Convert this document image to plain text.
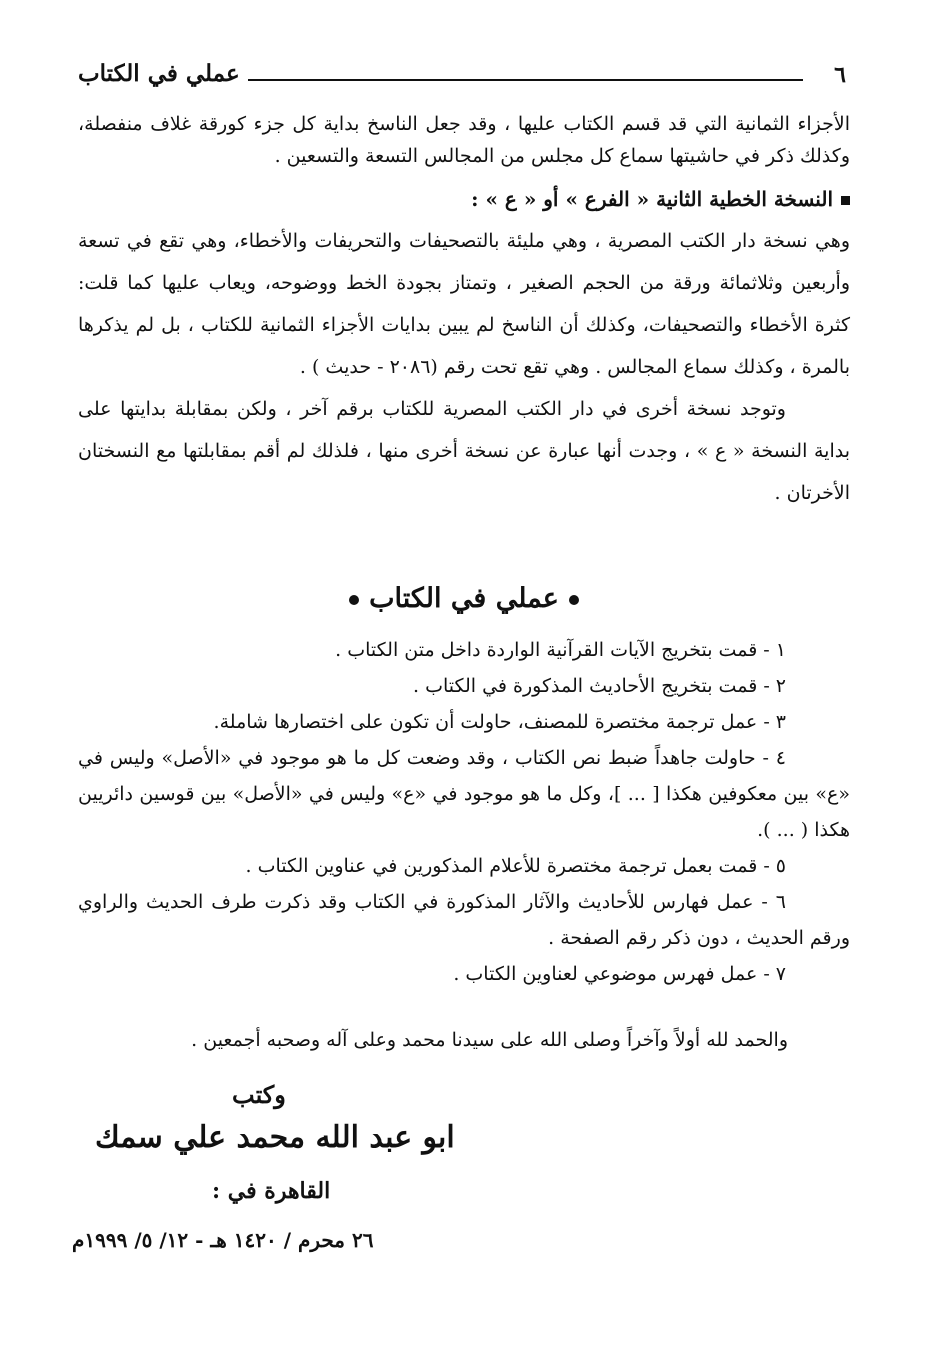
٦
عملي في الكتاب

الأجزاء الثمانية التي قد قسم الكتاب عليها ، وقد جعل الناسخ بداية كل جزء كورقة غلاف منفصلة، وكذلك ذكر في حاشيتها سماع كل مجلس من المجالس التسعة والتسعين .

النسخة الخطية الثانية « الفرع » أو « ع » :

وهي نسخة دار الكتب المصرية ، وهي مليئة بالتصحيفات والتحريفات والأخطاء، وهي تقع في تسعة وأربعين وثلاثمائة ورقة من الحجم الصغير ، وتمتاز بجودة الخط ووضوحه، ويعاب عليها كما قلت: كثرة الأخطاء والتصحيفات، وكذلك أن الناسخ لم يبين بدايات الأجزاء الثمانية للكتاب ، بل لم يذكرها بالمرة ، وكذلك سماع المجالس . وهي تقع تحت رقم (٢٠٨٦ - حديث ) .

وتوجد نسخة أخرى في دار الكتب المصرية للكتاب برقم آخر ، ولكن بمقابلة بدايتها على بداية النسخة « ع » ، وجدت أنها عبارة عن نسخة أخرى منها ، فلذلك لم أقم بمقابلتها مع النسختان الأخرتان .

عملي في الكتاب

١ - قمت بتخريج الآيات القرآنية الواردة داخل متن الكتاب .

٢ - قمت بتخريج الأحاديث المذكورة في الكتاب .

٣ - عمل ترجمة مختصرة للمصنف، حاولت أن تكون على اختصارها شاملة.

٤ - حاولت جاهداً ضبط نص الكتاب ، وقد وضعت كل ما هو موجود في «الأصل» وليس في «ع» بين معكوفين هكذا [ ... ]، وكل ما هو موجود في «ع» وليس في «الأصل» بين قوسين دائريين هكذا ( ... ).

٥ - قمت بعمل ترجمة مختصرة للأعلام المذكورين في عناوين الكتاب .

٦ - عمل فهارس للأحاديث والآثار المذكورة في الكتاب وقد ذكرت طرف الحديث والراوي ورقم الحديث ، دون ذكر رقم الصفحة .

٧ - عمل فهرس موضوعي لعناوين الكتاب .

والحمد لله أولاً وآخراً وصلى الله على سيدنا محمد وعلى آله وصحبه أجمعين .
وكتب
ابو عبد الله محمد علي سمك
القاهرة في :
٢٦ محرم / ١٤٢٠ هـ - ١٢/ ٥/ ١٩٩٩م
